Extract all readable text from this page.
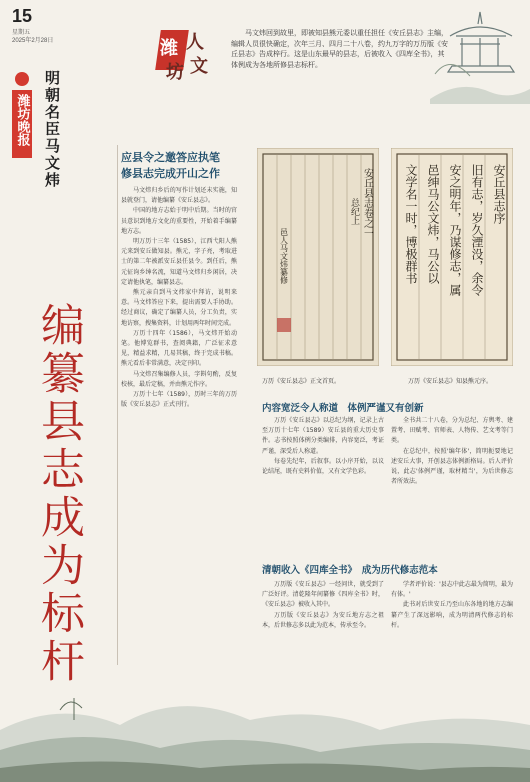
15
星期五
2025年2月28日	潍 人
坊 文
马文炜回到故里，即被知县熊元委以重任担任《安丘县志》主编，编辑人员很快确定，次年三月、四月二十八卷，约九万字的万历版《安丘县志》告成梓行。这是山东最早的县志，后被收入《四库全书》，其体例成为各地所修县志标杆。
潍坊晚报 明朝名臣马文炜
编纂县志成为标杆
应县令之邀答应执笔
修县志完成开山之作

马文炜归乡后的写作计划还未实施，知县就登门，请他编纂《安丘县志》。

中国的地方志始于明中后期。当时的官员意识到地方文化的重要性，开始着手编纂地方志。

明万历十三年（1585），江西弋阳人熊元来到安丘做知县。熊元，字子亮，考取进士的第二年被派安丘县任县令。到任后，熊元征询乡绅名流，知道马文炜归乡闲居，决定请他执笔，编纂县志。

熊元亲自到马文炜家中拜访，说明来意。马文炜答应下来，提出需要人手协助。经过商议，确定了编纂人员，分工负责，实地访察，搜集资料，计划用两年时间完成。

万历十四年（1586），马文炜开始动笔。他博览群书，查阅典籍，广泛征求意见，精益求精，几易其稿，终于完成书稿。熊元看后非常满意，决定刊印。

马文炜召集编修人员，字斟句酌，反复校核，最后定稿，并由熊元作序。

万历十七年（1589），历时三年的万历版《安丘县志》正式刊行。

安丘县志卷之一
总纪上
邑人马文炜纂修
安丘县志序
旧有志，岁久湮没，余令
安之明年，乃谋修志，属
邑绅马公文炜，马公以
文学名一时，博极群书
万历《安丘县志》正文首页。	万历《安丘县志》知县熊元序。
内容宽泛令人称道　体例严谨又有创新

万历《安丘县志》以总纪为纲，记录上古至万历十七年（1589）安丘县的重大历史事件。志书按照体例分类编排，内容宽泛，考证严谨，深受后人称道。

每卷先纪年，后叙事。以小序开始，以议论结尾，既有史料价值，又有文学色彩。

全书共二十八卷，分为总纪、方舆考、建置考、田赋考、官师表、人物传、艺文考等门类。

在总纪中，按照'编年体'，简明扼要地记述安丘大事，开创县志体例新格局。后人评价说，此志'体例严谨，取材精当'，为后世修志者所效法。

清朝收入《四库全书》　成为历代修志范本

万历版《安丘县志》一经问世，就受到了广泛好评。清乾隆年间纂修《四库全书》时，《安丘县志》被收入其中。

万历版《安丘县志》为安丘地方志之祖本，后世修志多以此为范本，传承至今。

学者评价说：'县志中此志最为简明，最为有体。'

此书对后世安丘乃至山东各地的地方志编纂产生了深远影响，成为明清两代修志的标杆。
